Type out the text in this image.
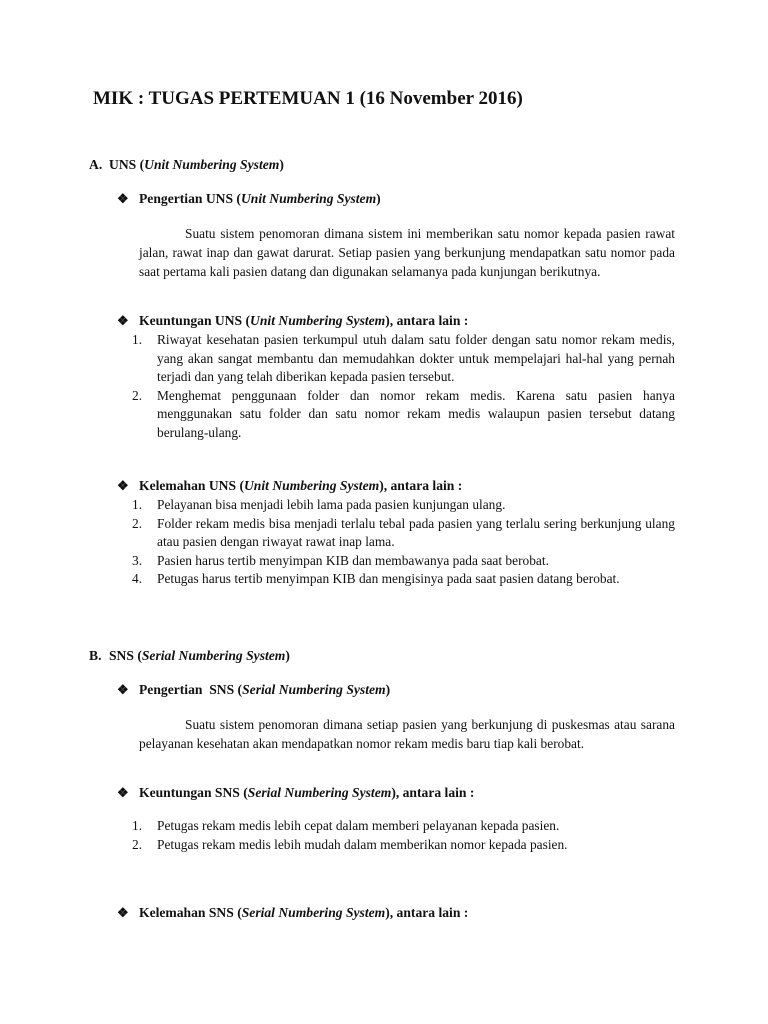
MIK : TUGAS PERTEMUAN 1 (16 November 2016)
A. UNS (Unit Numbering System)
❖ Pengertian UNS (Unit Numbering System)

Suatu sistem penomoran dimana sistem ini memberikan satu nomor kepada pasien rawat jalan, rawat inap dan gawat darurat. Setiap pasien yang berkunjung mendapatkan satu nomor pada saat pertama kali pasien datang dan digunakan selamanya pada kunjungan berikutnya.

❖ Keuntungan UNS (Unit Numbering System), antara lain :
1. Riwayat kesehatan pasien terkumpul utuh dalam satu folder dengan satu nomor rekam medis, yang akan sangat membantu dan memudahkan dokter untuk mempelajari hal-hal yang pernah terjadi dan yang telah diberikan kepada pasien tersebut.
2. Menghemat penggunaan folder dan nomor rekam medis. Karena satu pasien hanya menggunakan satu folder dan satu nomor rekam medis walaupun pasien tersebut datang berulang-ulang.
❖ Kelemahan UNS (Unit Numbering System), antara lain :
1. Pelayanan bisa menjadi lebih lama pada pasien kunjungan ulang.
2. Folder rekam medis bisa menjadi terlalu tebal pada pasien yang terlalu sering berkunjung ulang atau pasien dengan riwayat rawat inap lama.
3. Pasien harus tertib menyimpan KIB dan membawanya pada saat berobat.
4. Petugas harus tertib menyimpan KIB dan mengisinya pada saat pasien datang berobat.
B. SNS (Serial Numbering System)
❖ Pengertian  SNS (Serial Numbering System)

Suatu sistem penomoran dimana setiap pasien yang berkunjung di puskesmas atau sarana pelayanan kesehatan akan mendapatkan nomor rekam medis baru tiap kali berobat.

❖ Keuntungan SNS (Serial Numbering System), antara lain :
1. Petugas rekam medis lebih cepat dalam memberi pelayanan kepada pasien.
2. Petugas rekam medis lebih mudah dalam memberikan nomor kepada pasien.
❖ Kelemahan SNS (Serial Numbering System), antara lain :
